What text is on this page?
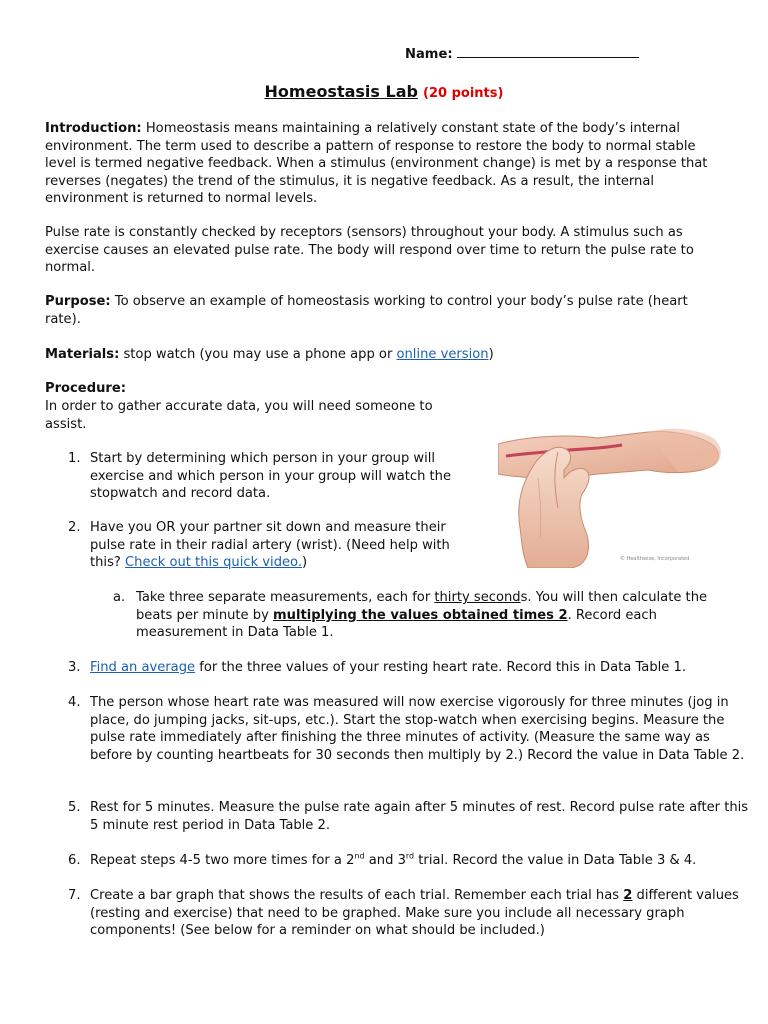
Name:
Homeostasis Lab (20 points)
Introduction: Homeostasis means maintaining a relatively constant state of the body’s internal environment. The term used to describe a pattern of response to restore the body to normal stable level is termed negative feedback. When a stimulus (environment change) is met by a response that reverses (negates) the trend of the stimulus, it is negative feedback. As a result, the internal environment is returned to normal levels.
Pulse rate is constantly checked by receptors (sensors) throughout your body. A stimulus such as exercise causes an elevated pulse rate. The body will respond over time to return the pulse rate to normal.
Purpose: To observe an example of homeostasis working to control your body’s pulse rate (heart rate).
Materials: stop watch (you may use a phone app or online version)
Procedure:
In order to gather accurate data, you will need someone to assist.
1. Start by determining which person in your group will exercise and which person in your group will watch the stopwatch and record data.
2. Have you OR your partner sit down and measure their pulse rate in their radial artery (wrist). (Need help with this? Check out this quick video.)	© Healthwise, Incorporated
a. Take three separate measurements, each for thirty seconds. You will then calculate the beats per minute by multiplying the values obtained times 2. Record each measurement in Data Table 1.
3. Find an average for the three values of your resting heart rate. Record this in Data Table 1.
4. The person whose heart rate was measured will now exercise vigorously for three minutes (jog in place, do jumping jacks, sit-ups, etc.). Start the stop-watch when exercising begins. Measure the pulse rate immediately after finishing the three minutes of activity. (Measure the same way as before by counting heartbeats for 30 seconds then multiply by 2.) Record the value in Data Table 2.
5. Rest for 5 minutes. Measure the pulse rate again after 5 minutes of rest. Record pulse rate after this 5 minute rest period in Data Table 2.
6. Repeat steps 4-5 two more times for a 2nd and 3rd trial. Record the value in Data Table 3 & 4.
7. Create a bar graph that shows the results of each trial. Remember each trial has 2 different values (resting and exercise) that need to be graphed. Make sure you include all necessary graph components! (See below for a reminder on what should be included.)
